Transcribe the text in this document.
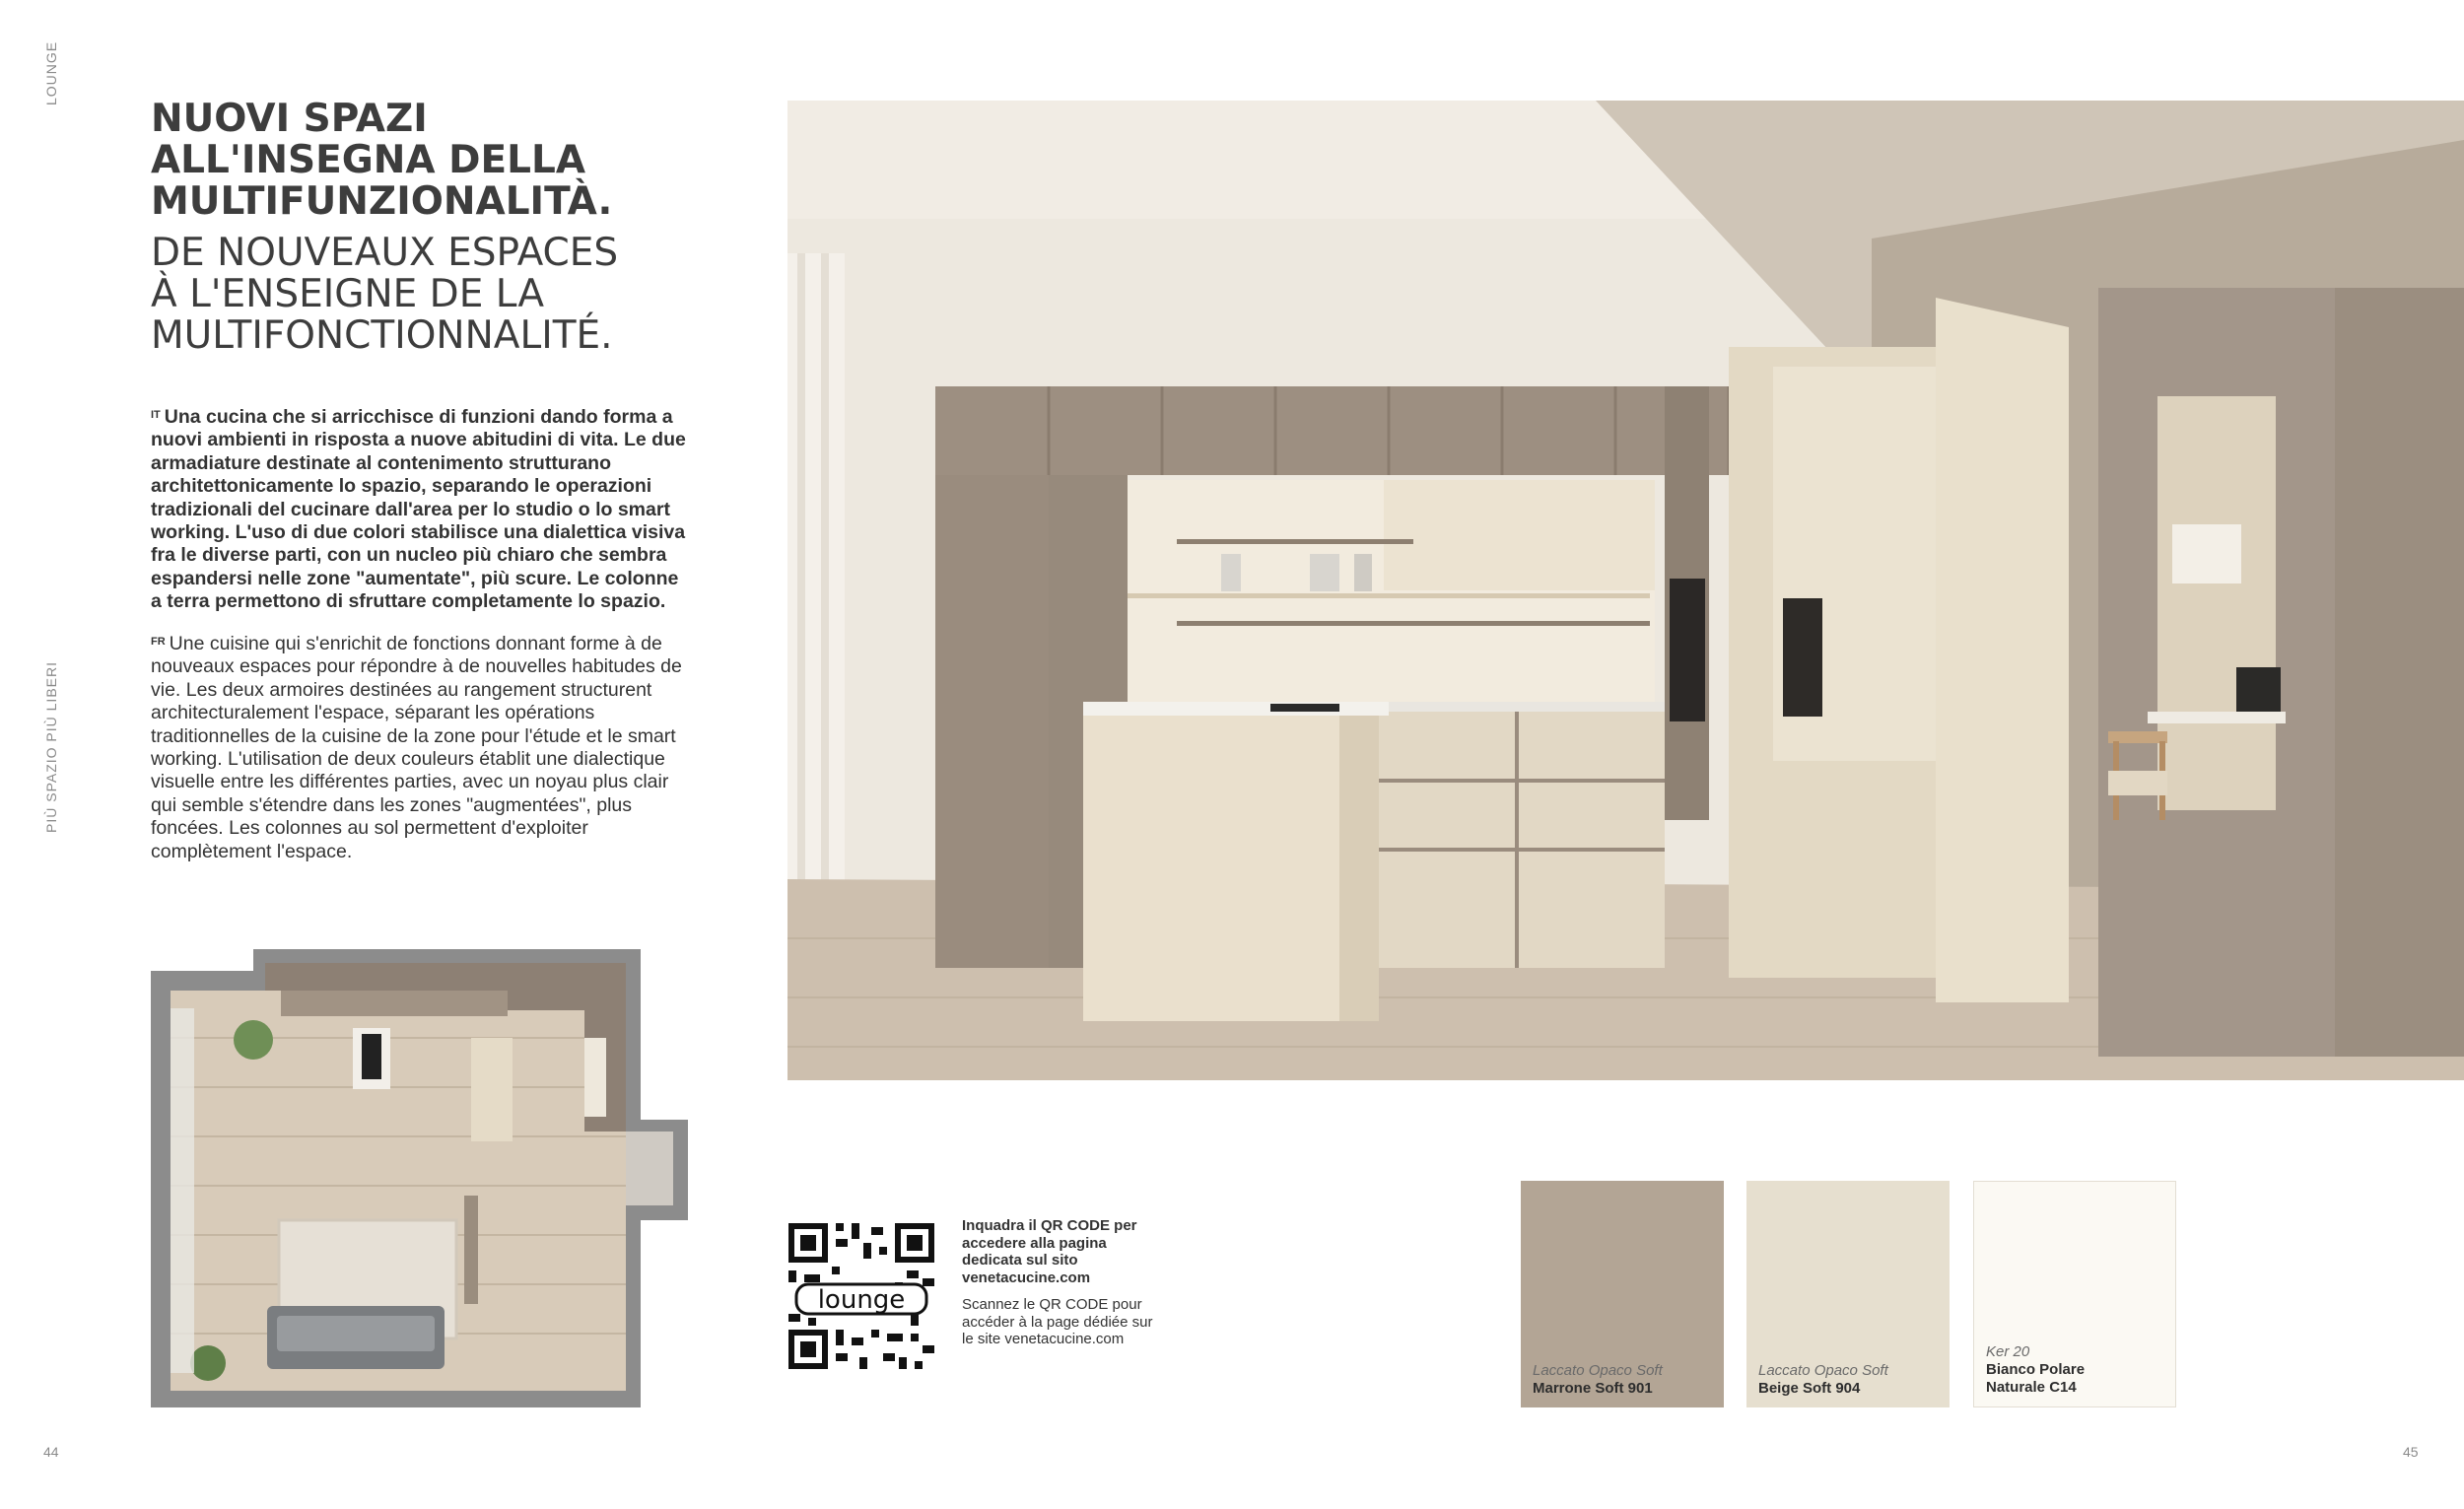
LOUNGE
PIÙ SPAZIO PIÙ LIBERI
44	45
NUOVI SPAZI
ALL'INSEGNA DELLA
MULTIFUNZIONALITÀ.
DE NOUVEAUX ESPACES
À L'ENSEIGNE DE LA
MULTIFONCTIONNALITÉ.
$^{IT}$ Una cucina che si arricchisce di funzioni dando forma a nuovi ambienti in risposta a nuove abitudini di vita. Le due armadiature destinate al contenimento strutturano architettonicamente lo spazio, separando le operazioni tradizionali del cucinare dall'area per lo studio o lo smart working. L'uso di due colori stabilisce una dialettica visiva fra le diverse parti, con un nucleo più chiaro che sembra espandersi nelle zone "aumentate", più scure. Le colonne a terra permettono di sfruttare completamente lo spazio.
$^{FR}$ Une cuisine qui s'enrichit de fonctions donnant forme à de nouveaux espaces pour répondre à de nouvelles habitudes de vie. Les deux armoires destinées au rangement structurent architecturalement l'espace, séparant les opérations traditionnelles de la cuisine de la zone pour l'étude et le smart working. L'utilisation de deux couleurs établit une dialectique visuelle entre les différentes parties, avec un noyau plus clair qui semble s'étendre dans les zones "augmentées", plus foncées. Les colonnes au sol permettent d'exploiter complètement l'espace.
lounge
Inquadra il QR CODE per accedere alla pagina dedicata sul sito venetacucine.com
Scannez le QR CODE pour accéder à la page dédiée sur le site venetacucine.com
Laccato Opaco Soft
Marrone Soft 901
Laccato Opaco Soft
Beige Soft 904
Ker 20
Bianco Polare
Naturale C14
